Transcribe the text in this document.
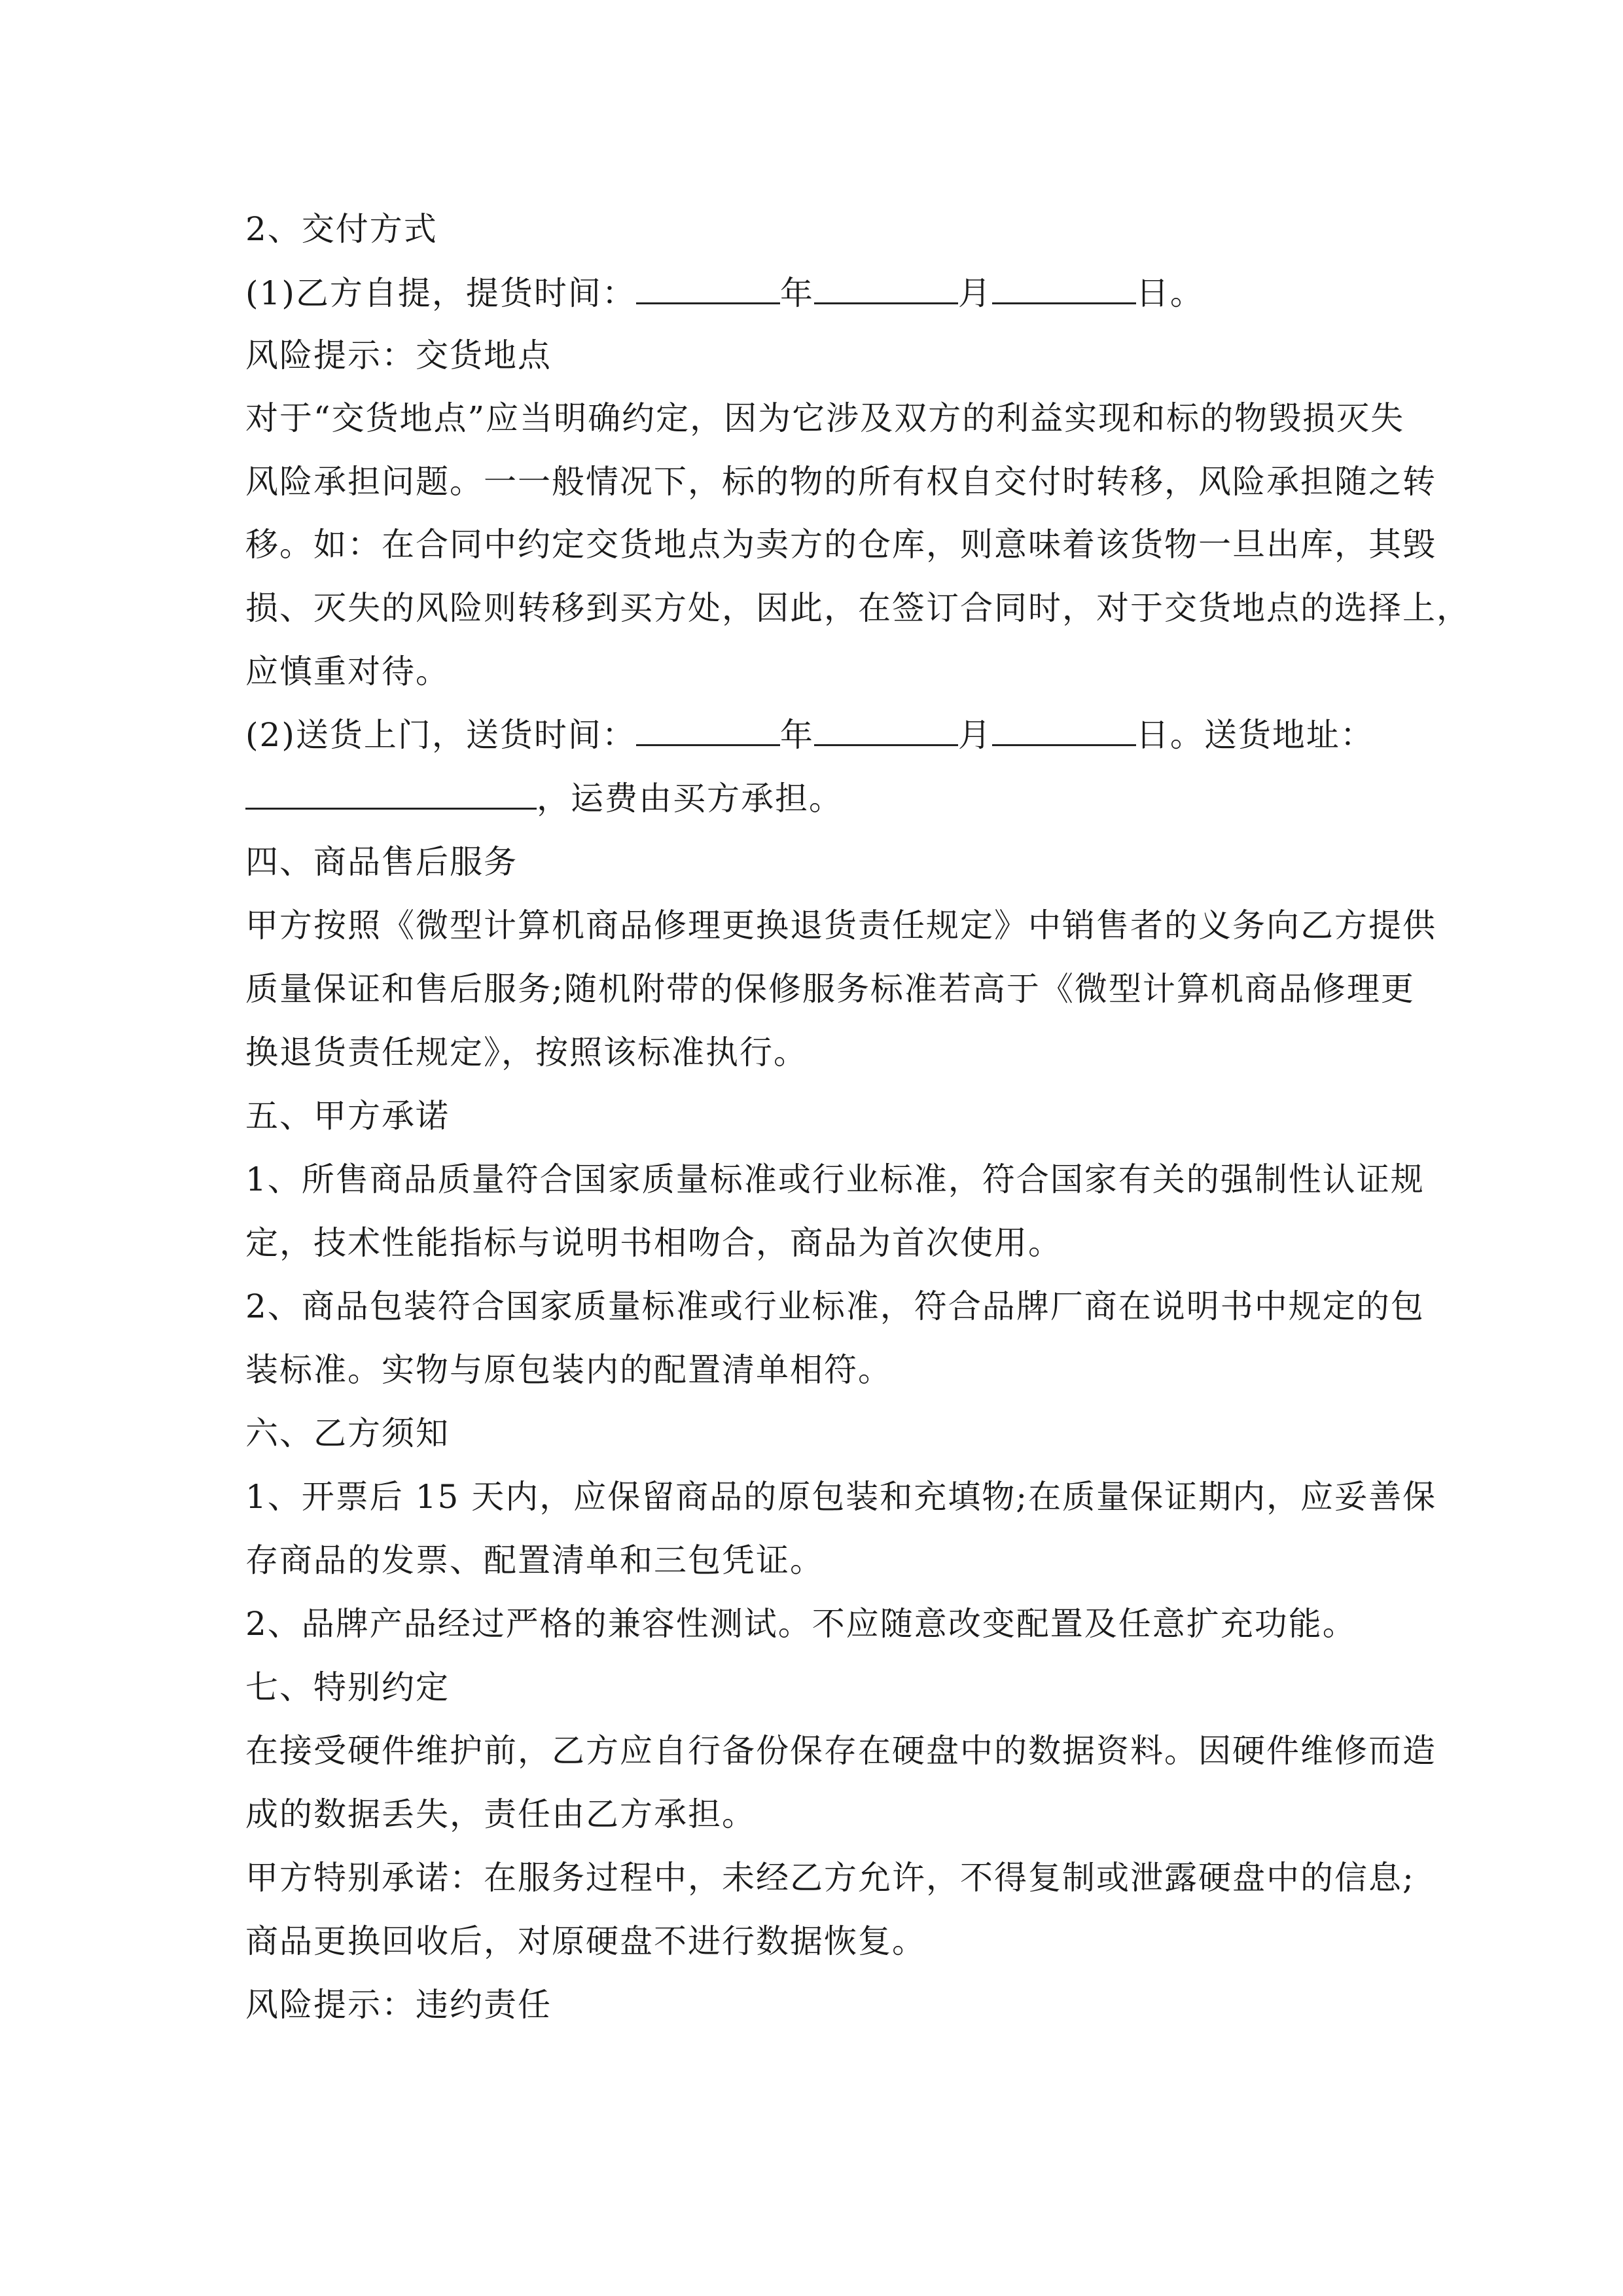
2、交付方式
(1)乙方自提，提货时间：	年	月	日。
风险提示：交货地点
对于“交货地点”应当明确约定，因为它涉及双方的利益实现和标的物毁损灭失
风险承担问题。一一般情况下，标的物的所有权自交付时转移，风险承担随之转
移。如：在合同中约定交货地点为卖方的仓库，则意味着该货物一旦出库，其毁
损、灭失的风险则转移到买方处，因此，在签订合同时，对于交货地点的选择上，
应慎重对待。
(2)送货上门，送货时间：	年	月	日。送货地址：
，运费由买方承担。
四、商品售后服务
甲方按照《微型计算机商品修理更换退货责任规定》中销售者的义务向乙方提供
质量保证和售后服务;随机附带的保修服务标准若高于《微型计算机商品修理更
换退货责任规定》，按照该标准执行。
五、甲方承诺
1、所售商品质量符合国家质量标准或行业标准，符合国家有关的强制性认证规
定，技术性能指标与说明书相吻合，商品为首次使用。
2、商品包装符合国家质量标准或行业标准，符合品牌厂商在说明书中规定的包
装标准。实物与原包装内的配置清单相符。
六、乙方须知
1、开票后 15 天内，应保留商品的原包装和充填物;在质量保证期内，应妥善保
存商品的发票、配置清单和三包凭证。
2、品牌产品经过严格的兼容性测试。不应随意改变配置及任意扩充功能。
七、特别约定
在接受硬件维护前，乙方应自行备份保存在硬盘中的数据资料。因硬件维修而造
成的数据丢失，责任由乙方承担。
甲方特别承诺：在服务过程中，未经乙方允许，不得复制或泄露硬盘中的信息;
商品更换回收后，对原硬盘不进行数据恢复。
风险提示：违约责任
